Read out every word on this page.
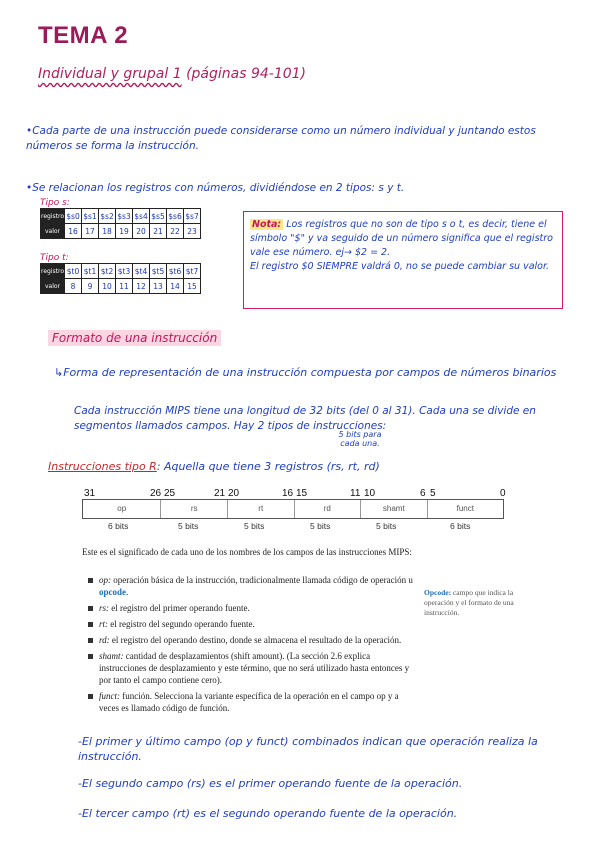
TEMA 2
Individual y grupal 1 (páginas 94-101)
•Cada parte de una instrucción puede considerarse como un número individual y juntando estos números se forma la instrucción.
•Se relacionan los registros con números, dividiéndose en 2 tipos: s y t.
Tipo s:
registro	$s0	$s1	$s2	$s3	$s4	$s5	$s6	$s7
valor	16	17	18	19	20	21	22	23
Tipo t:
registro	$t0	$t1	$t2	$t3	$t4	$t5	$t6	$t7
valor	8	9	10	11	12	13	14	15
Nota: Los registros que no son de tipo s o t, es decir, tiene el símbolo "$" y va seguido de un número significa que el registro vale ese número. ej→ $2 = 2.
El registro $0 SIEMPRE valdrá 0, no se puede cambiar su valor.
Formato de una instrucción
↳Forma de representación de una instrucción compuesta por campos de números binarios
Cada instrucción MIPS tiene una longitud de 32 bits (del 0 al 31). Cada una se divide en segmentos llamados campos. Hay 2 tipos de instrucciones:
5 bits para cada una.
Instrucciones tipo R: Aquella que tiene 3 registros (rs, rt, rd)
31	26 25	21 20	16 15	11 10	6 5	0
op	rs	rt	rd	shamt	funct
6 bits	5 bits	5 bits	5 bits	5 bits	6 bits
Este es el significado de cada uno de los nombres de los campos de las instrucciones MIPS:
op: operación básica de la instrucción, tradicionalmente llamada código de operación u opcode.
rs: el registro del primer operando fuente.
rt: el registro del segundo operando fuente.
rd: el registro del operando destino, donde se almacena el resultado de la operación.
shamt: cantidad de desplazamientos (shift amount). (La sección 2.6 explica instrucciones de desplazamiento y este término, que no será utilizado hasta entonces y por tanto el campo contiene cero).
funct: función. Selecciona la variante específica de la operación en el campo op y a veces es llamado código de función.
Opcode: campo que indica la operación y el formato de una instrucción.
-El primer y último campo (op y funct) combinados indican que operación realiza la instrucción.
-El segundo campo (rs) es el primer operando fuente de la operación.
-El tercer campo (rt) es el segundo operando fuente de la operación.
